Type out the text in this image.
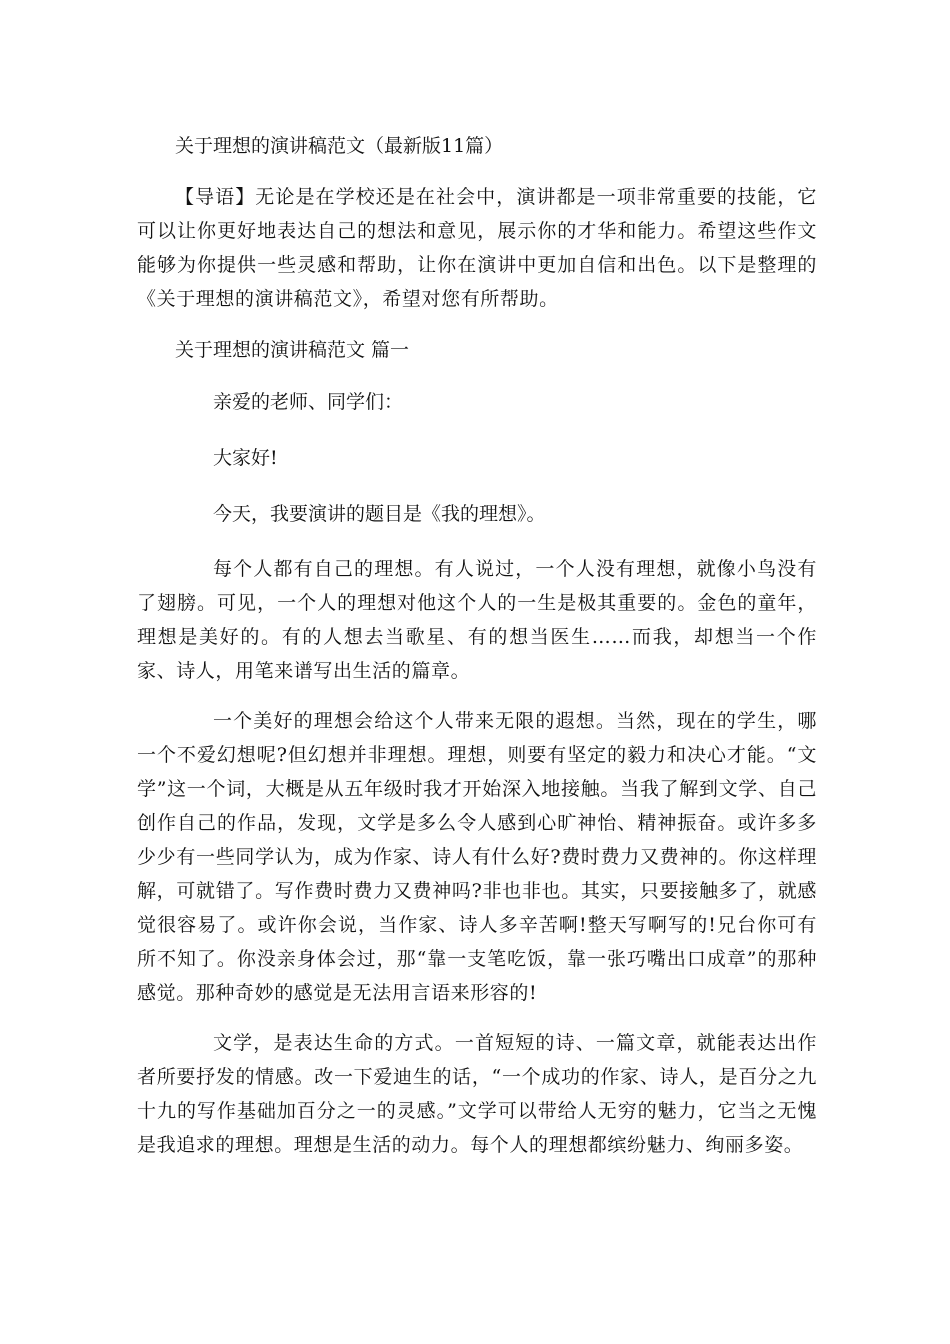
关于理想的演讲稿范文（最新版11篇）

【导语】无论是在学校还是在社会中，演讲都是一项非常重要的技能，它可以让你更好地表达自己的想法和意见，展示你的才华和能力。希望这些作文能够为你提供一些灵感和帮助，让你在演讲中更加自信和出色。以下是整理的《关于理想的演讲稿范文》，希望对您有所帮助。

关于理想的演讲稿范文 篇一

亲爱的老师、同学们：

大家好!

今天，我要演讲的题目是《我的理想》。

每个人都有自己的理想。有人说过，一个人没有理想，就像小鸟没有了翅膀。可见，一个人的理想对他这个人的一生是极其重要的。金色的童年，理想是美好的。有的人想去当歌星、有的想当医生……而我，却想当一个作家、诗人，用笔来谱写出生活的篇章。

一个美好的理想会给这个人带来无限的遐想。当然，现在的学生，哪一个不爱幻想呢?但幻想并非理想。理想，则要有坚定的毅力和决心才能。“文学”这一个词，大概是从五年级时我才开始深入地接触。当我了解到文学、自己创作自己的作品，发现，文学是多么令人感到心旷神怡、精神振奋。或许多多少少有一些同学认为，成为作家、诗人有什么好?费时费力又费神的。你这样理解，可就错了。写作费时费力又费神吗?非也非也。其实，只要接触多了，就感觉很容易了。或许你会说，当作家、诗人多辛苦啊!整天写啊写的!兄台你可有所不知了。你没亲身体会过，那“靠一支笔吃饭，靠一张巧嘴出口成章”的那种感觉。那种奇妙的感觉是无法用言语来形容的!

文学，是表达生命的方式。一首短短的诗、一篇文章，就能表达出作者所要抒发的情感。改一下爱迪生的话，“一个成功的作家、诗人，是百分之九十九的写作基础加百分之一的灵感。”文学可以带给人无穷的魅力，它当之无愧是我追求的理想。理想是生活的动力。每个人的理想都缤纷魅力、绚丽多姿。
